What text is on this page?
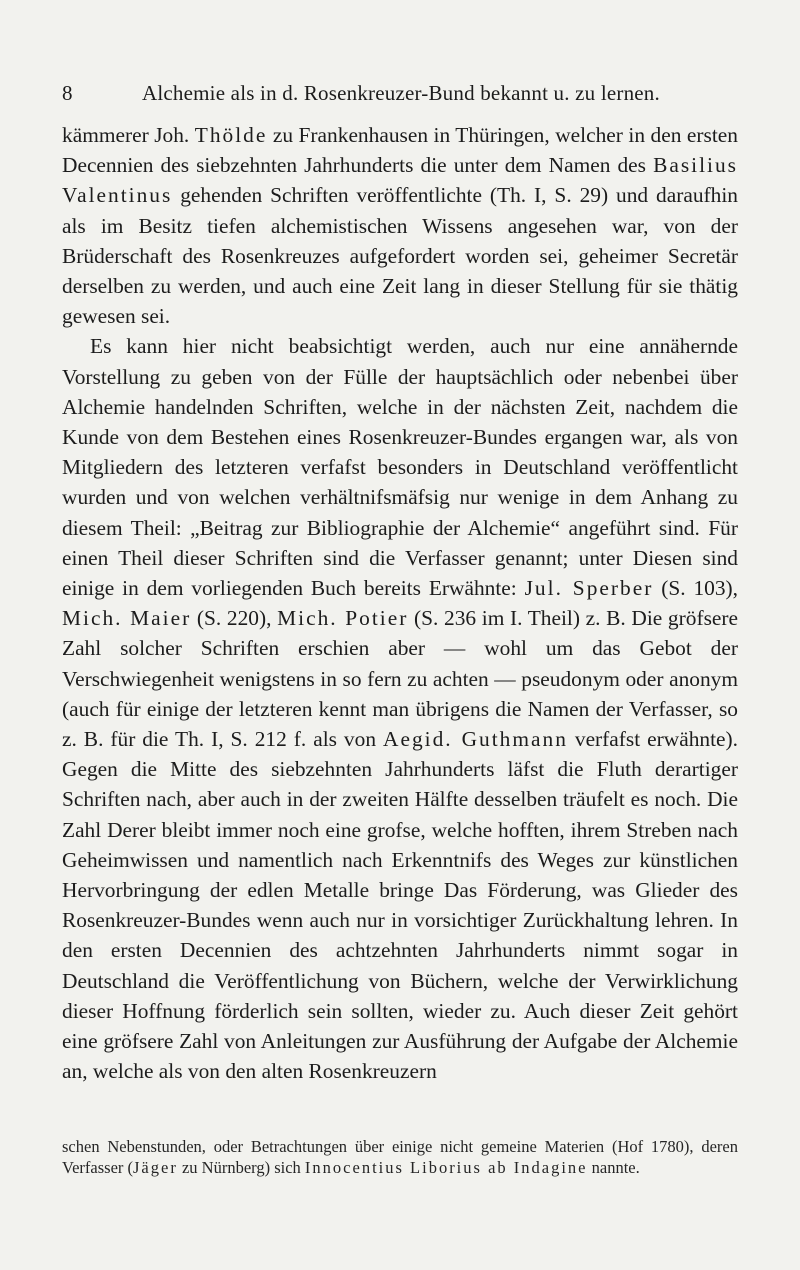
8	Alchemie als in d. Rosenkreuzer-Bund bekannt u. zu lernen.

kämmerer Joh. Thölde zu Frankenhausen in Thüringen, welcher in den ersten Decennien des siebzehnten Jahrhunderts die unter dem Namen des Basilius Valentinus gehenden Schriften veröffentlichte (Th. I, S. 29) und daraufhin als im Besitz tiefen alchemistischen Wissens angesehen war, von der Brüderschaft des Rosenkreuzes aufgefordert worden sei, geheimer Secretär derselben zu werden, und auch eine Zeit lang in dieser Stellung für sie thätig gewesen sei.

Es kann hier nicht beabsichtigt werden, auch nur eine annähernde Vorstellung zu geben von der Fülle der hauptsächlich oder nebenbei über Alchemie handelnden Schriften, welche in der nächsten Zeit, nachdem die Kunde von dem Bestehen eines Rosenkreuzer-Bundes ergangen war, als von Mitgliedern des letzteren verfafst besonders in Deutschland veröffentlicht wurden und von welchen verhältnifsmäfsig nur wenige in dem Anhang zu diesem Theil: „Beitrag zur Bibliographie der Alchemie“ angeführt sind. Für einen Theil dieser Schriften sind die Verfasser genannt; unter Diesen sind einige in dem vorliegenden Buch bereits Erwähnte: Jul. Sperber (S. 103), Mich. Maier (S. 220), Mich. Potier (S. 236 im I. Theil) z. B. Die gröfsere Zahl solcher Schriften erschien aber — wohl um das Gebot der Verschwiegenheit wenigstens in so fern zu achten — pseudonym oder anonym (auch für einige der letzteren kennt man übrigens die Namen der Verfasser, so z. B. für die Th. I, S. 212 f. als von Aegid. Guthmann verfafst erwähnte). Gegen die Mitte des siebzehnten Jahrhunderts läfst die Fluth derartiger Schriften nach, aber auch in der zweiten Hälfte desselben träufelt es noch. Die Zahl Derer bleibt immer noch eine grofse, welche hofften, ihrem Streben nach Geheimwissen und namentlich nach Erkenntnifs des Weges zur künstlichen Hervorbringung der edlen Metalle bringe Das Förderung, was Glieder des Rosenkreuzer-Bundes wenn auch nur in vorsichtiger Zurückhaltung lehren. In den ersten Decennien des achtzehnten Jahrhunderts nimmt sogar in Deutschland die Veröffentlichung von Büchern, welche der Verwirklichung dieser Hoffnung förderlich sein sollten, wieder zu. Auch dieser Zeit gehört eine gröfsere Zahl von Anleitungen zur Ausführung der Aufgabe der Alchemie an, welche als von den alten Rosenkreuzern

schen Nebenstunden, oder Betrachtungen über einige nicht gemeine Materien (Hof 1780), deren Verfasser (Jäger zu Nürnberg) sich Innocentius Liborius ab Indagine nannte.
